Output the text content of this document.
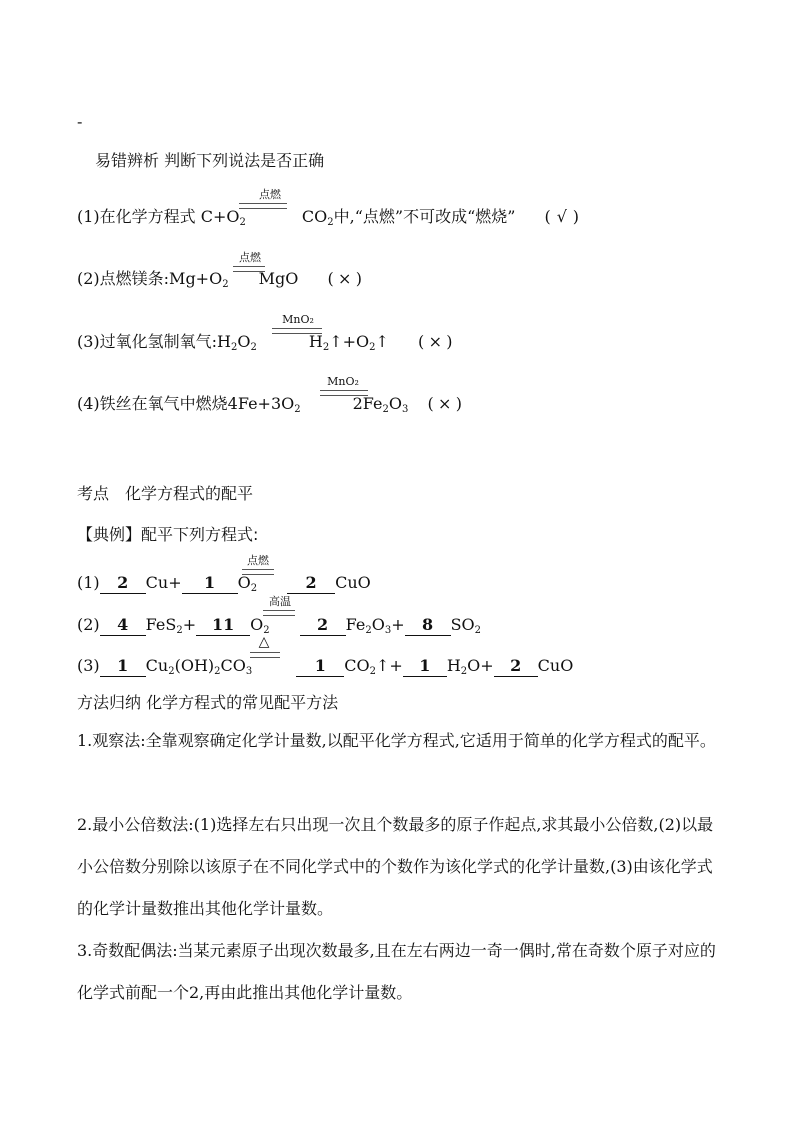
-
易错辨析 判断下列说法是否正确
点燃
(1)在化学方程式 $C+O_2$	$CO_2$中,“点燃”不可改成“燃烧” ( √ )
点燃
(2)点燃镁条$:Mg+O_2$ MgO ( × )
MnO₂
(3)过氧化氢制氧气$:H_2O_2$	$H_2↑+O_2↑$ ( × )
MnO₂
(4)铁丝在氧气中燃烧$4Fe+3O_2$	$2Fe_2O_3$ ( × )
考点　化学方程式的配平
【典例】配平下列方程式:
点燃
(1) 2 Cu+ 1 $O_2$	2 CuO
高温
(2) 4 FeS$_2$+ 11 $O_2$	2 $Fe_2O_3+ 8$ $SO_2$
△
(3) 1 $Cu_2(OH)_2CO_3$	1 $CO_2↑+ 1$ $H_2O+ 2$ CuO
方法归纳 化学方程式的常见配平方法
1.观察法:全靠观察确定化学计量数,以配平化学方程式,它适用于简单的化学方程式的配平。
2.最小公倍数法:(1)选择左右只出现一次且个数最多的原子作起点,求其最小公倍数,(2)以最小公倍数分别除以该原子在不同化学式中的个数作为该化学式的化学计量数,(3)由该化学式的化学计量数推出其他化学计量数。
3.奇数配偶法:当某元素原子出现次数最多,且在左右两边一奇一偶时,常在奇数个原子对应的化学式前配一个2,再由此推出其他化学计量数。
